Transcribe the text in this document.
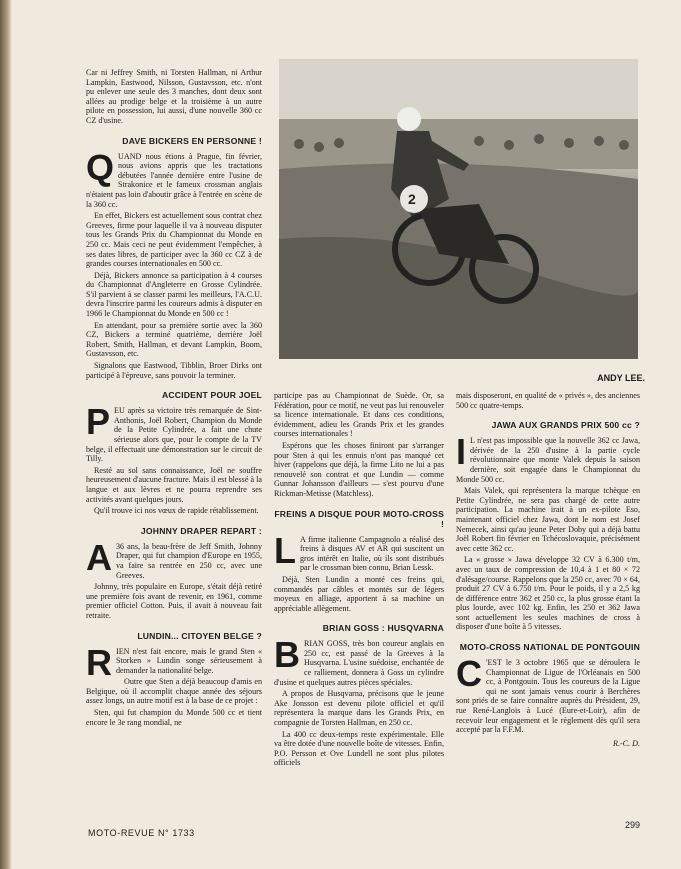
Car ni Jeffrey Smith, ni Torsten Hallman, ni Arthur Lampkin, Eastwood, Nilsson, Gustavsson, etc. n'ont pu enlever une seule des 3 manches, dont deux sont allées au prodige belge et la troisième à un autre pilote en possession, lui aussi, d'une nouvelle 360 cc CZ d'usine.

DAVE BICKERS EN PERSONNE !

QUAND nous étions à Prague, fin février, nous avions appris que les tractations débutées l'année dernière entre l'usine de Strakonice et le fameux crossman anglais n'étaient pas loin d'aboutir grâce à l'entrée en scène de la 360 cc.

En effet, Bickers est actuellement sous contrat chez Greeves, firme pour laquelle il va à nouveau disputer tous les Grands Prix du Championnat du Monde en 250 cc. Mais ceci ne peut évidemment l'empêcher, à ses dates libres, de participer avec la 360 cc CZ à de grandes courses internationales en 500 cc.

Déjà, Bickers annonce sa participation à 4 courses du Championnat d'Angleterre en Grosse Cylindrée. S'il parvient à se classer parmi les meilleurs, l'A.C.U. devra l'inscrire parmi les coureurs admis à disputer en 1966 le Championnat du Monde en 500 cc !

En attendant, pour sa première sortie avec la 360 CZ, Bickers a terminé quatrième, derrière Joël Robert, Smith, Hallman, et devant Lampkin, Boom, Gustavsson, etc.

Signalons que Eastwood, Tibblin, Broer Dirks ont participé à l'épreuve, sans pouvoir la terminer.

ACCIDENT POUR JOEL

PEU après sa victoire très remarquée de Sint-Anthonis, Joël Robert, Champion du Monde de la Petite Cylindrée, a fait une chute sérieuse alors que, pour le compte de la TV belge, il effectuait une démonstration sur le circuit de Tilly.

Resté au sol sans connaissance, Joël ne souffre heureusement d'aucune fracture. Mais il est blessé à la langue et aux lèvres et ne pourra reprendre ses activités avant quelques jours.

Qu'il trouve ici nos vœux de rapide rétablissement.

JOHNNY DRAPER REPART :

A 36 ans, la beau-frère de Jeff Smith, Johnny Draper, qui fut champion d'Europe en 1955, va faire sa rentrée en 250 cc, avec une Greeves.

Johnny, très populaire en Europe, s'était déjà retiré une première fois avant de revenir, en 1961, comme premier officiel Cotton. Puis, il avait à nouveau fait retraite.

LUNDIN... CITOYEN BELGE ?

RIEN n'est fait encore, mais le grand Sten « Storken » Lundin songe sérieusement à demander la nationalité belge.

Outre que Sten a déjà beaucoup d'amis en Belgique, où il accomplit chaque année des séjours assez longs, un autre motif est à la base de ce projet :

Sten, qui fut champion du Monde 500 cc et tient encore le 3e rang mondial, ne

2
ANDY LEE.

participe pas au Championnat de Suède. Or, sa Fédération, pour ce motif, ne veut pas lui renouveler sa licence internationale. Et dans ces conditions, évidemment, adieu les Grands Prix et les grandes courses internationales !

Espérons que les choses finiront par s'arranger pour Sten à qui les ennuis n'ont pas manqué cet hiver (rappelons que déjà, la firme Lito ne lui a pas renouvelé son contrat et que Lundin — comme Gunnar Johansson d'ailleurs — s'est pourvu d'une Rickman-Metisse (Matchless).

FREINS A DISQUE POUR MOTO-CROSS !

L A firme italienne Campagnolo a réalisé des freins à disques AV et AR qui suscitent un gros intérêt en Italie, où ils sont distribués par le crossman bien connu, Brian Lessk.

Déjà, Sten Lundin a monté ces freins qui, commandés par câbles et montés sur de légers moyeux en alliage, apportent à sa machine un appréciable allègement.

BRIAN GOSS : HUSQVARNA

BRIAN GOSS, très bon coureur anglais en 250 cc, est passé de la Greeves à la Husqvarna. L'usine suédoise, enchantée de ce ralliement, donnera à Goss un cylindre d'usine et quelques autres pièces spéciales.

A propos de Husqvarna, précisons que le jeune Ake Jonsson est devenu pilote officiel et qu'il représentera la marque dans les Grands Prix, en compagnie de Torsten Hallman, en 250 cc.

La 400 cc deux-temps reste expérimentale. Elle va être dotée d'une nouvelle boîte de vitesses. Enfin, P.O. Persson et Ove Lundell ne sont plus pilotes officiels

mais disposeront, en qualité de « privés », des anciennes 500 cc quatre-temps.

JAWA AUX GRANDS PRIX 500 cc ?

I L n'est pas impossible que la nouvelle 362 cc Jawa, dérivée de la 250 d'usine à la partie cycle révolutionnaire que monte Valek depuis la saison dernière, soit engagée dans le Championnat du Monde 500 cc.

Mais Valek, qui représentera la marque tchèque en Petite Cylindrée, ne sera pas chargé de cette autre participation. La machine irait à un ex-pilote Eso, maintenant officiel chez Jawa, dont le nom est Josef Nemecek, ainsi qu'au jeune Peter Doby qui a déjà battu Joël Robert fin février en Tchécoslovaquie, précisément avec cette 362 cc.

La « grosse » Jawa développe 32 CV à 6.300 t/m, avec un taux de compression de 10,4 à 1 et 80 × 72 d'alésage/course. Rappelons que la 250 cc, avec 70 × 64, produit 27 CV à 6.750 t/m. Pour le poids, il y a 2,5 kg de différence entre 362 et 250 cc, la plus grosse étant la plus lourde, avec 102 kg. Enfin, les 250 et 362 Jawa sont actuellement les seules machines de cross à disposer d'une boîte à 5 vitesses.

MOTO-CROSS NATIONAL DE PONTGOUIN

C 'EST le 3 octobre 1965 que se déroulera le Championnat de Ligue de l'Orléanais en 500 cc, à Pontgouin. Tous les coureurs de la Ligue qui ne sont jamais venus courir à Berchères sont priés de se faire connaître auprès du Président, 29, rue René-Langlois à Lucé (Eure-et-Loir), afin de recevoir leur engagement et le règlement dès qu'il sera accepté par la F.F.M.

R.-C. D.
MOTO-REVUE N° 1733
299
